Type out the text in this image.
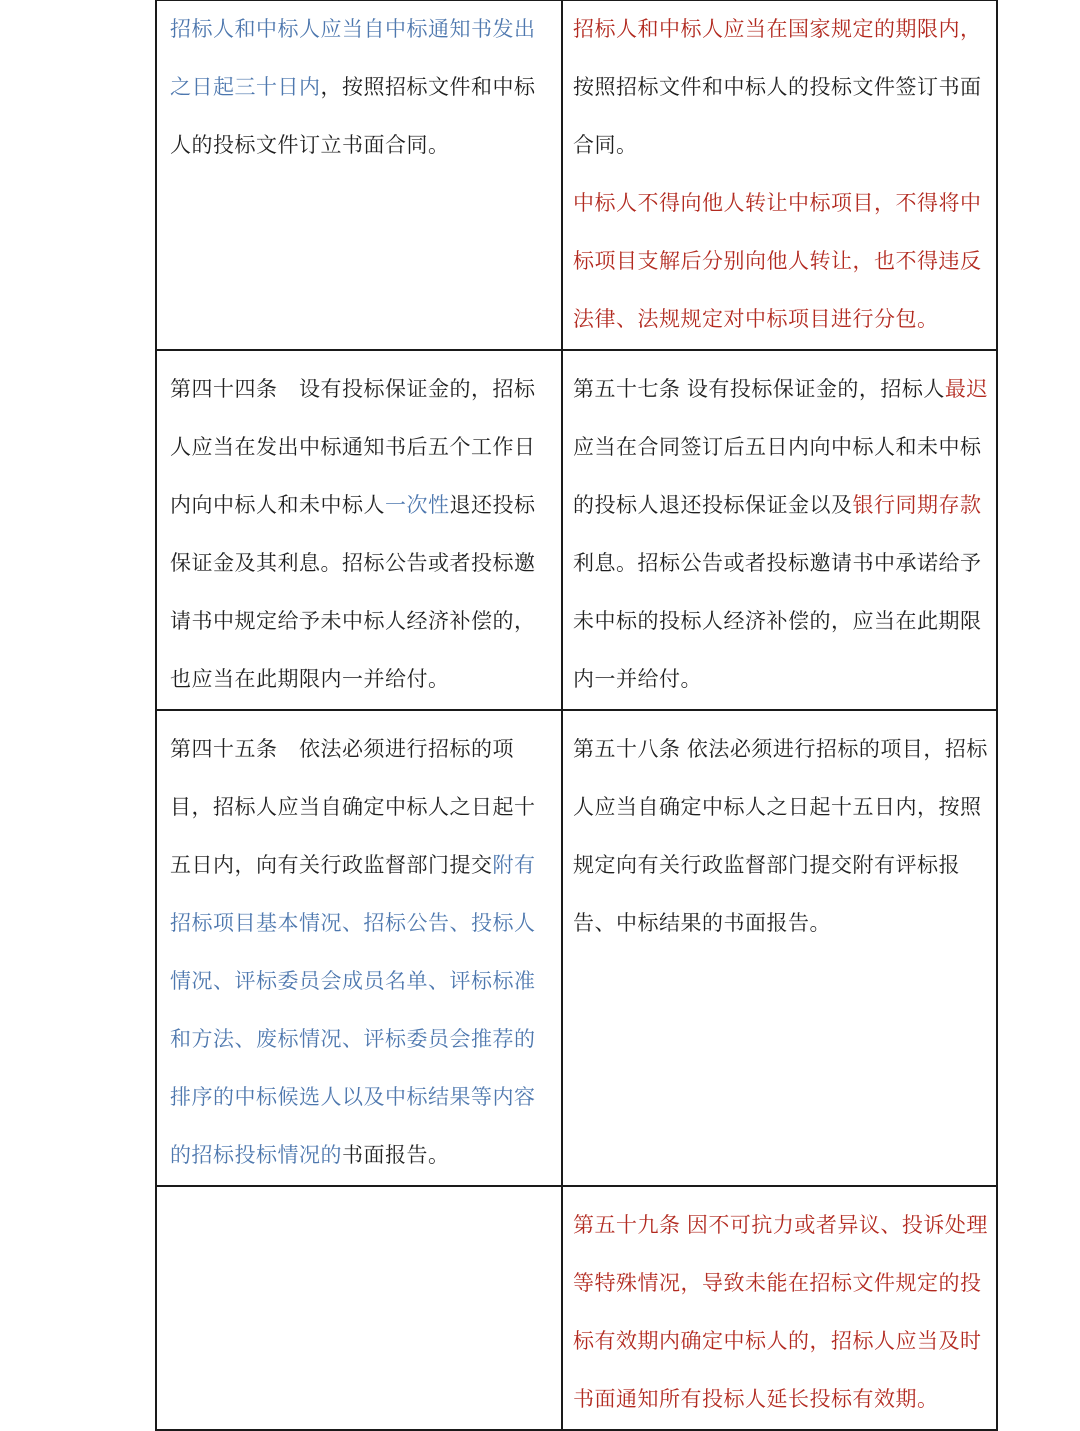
招标人和中标人应当自中标通知书发出之日起三十日内，按照招标文件和中标人的投标文件订立书面合同。	招标人和中标人应当在国家规定的期限内，按照招标文件和中标人的投标文件签订书面合同。

中标人不得向他人转让中标项目，不得将中标项目支解后分别向他人转让，也不得违反法律、法规规定对中标项目进行分包。

第四十四条　设有投标保证金的，招标人应当在发出中标通知书后五个工作日内向中标人和未中标人一次性退还投标保证金及其利息。招标公告或者投标邀请书中规定给予未中标人经济补偿的，也应当在此期限内一并给付。	第五十七条 设有投标保证金的，招标人最迟应当在合同签订后五日内向中标人和未中标的投标人退还投标保证金以及银行同期存款利息。招标公告或者投标邀请书中承诺给予未中标的投标人经济补偿的，应当在此期限内一并给付。

第四十五条　依法必须进行招标的项目，招标人应当自确定中标人之日起十五日内，向有关行政监督部门提交附有招标项目基本情况、招标公告、投标人情况、评标委员会成员名单、评标标准和方法、废标情况、评标委员会推荐的排序的中标候选人以及中标结果等内容的招标投标情况的书面报告。	第五十八条 依法必须进行招标的项目，招标人应当自确定中标人之日起十五日内，按照规定向有关行政监督部门提交附有评标报告、中标结果的书面报告。

	第五十九条 因不可抗力或者异议、投诉处理等特殊情况，导致未能在招标文件规定的投标有效期内确定中标人的，招标人应当及时书面通知所有投标人延长投标有效期。
